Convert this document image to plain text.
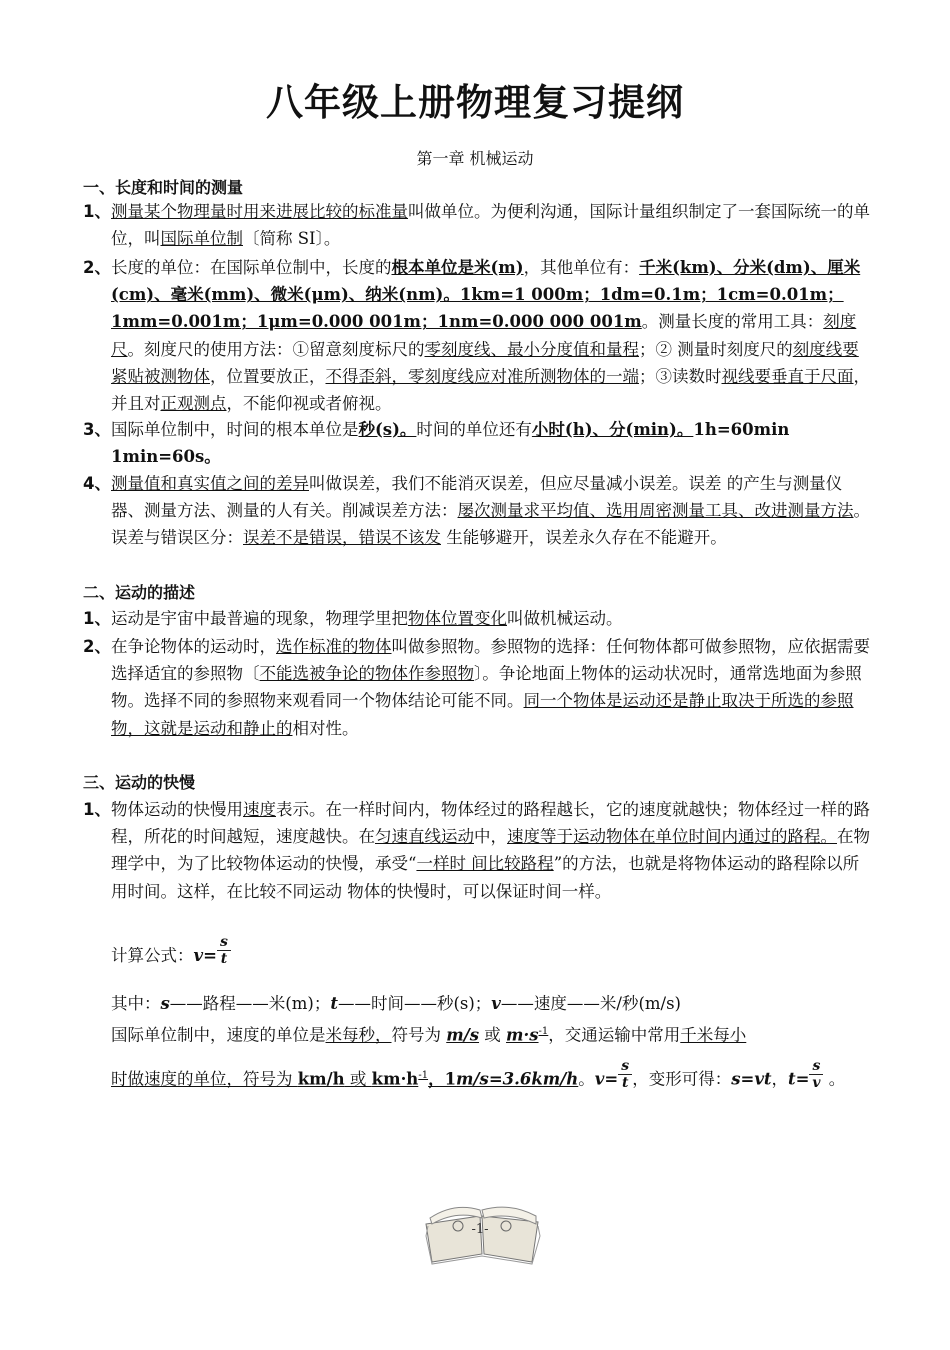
八年级上册物理复习提纲
第一章 机械运动
一、长度和时间的测量
1、 测量某个物理量时用来进展比较的标准量叫做单位。为便利沟通，国际计量组织制定了一套国际统一的单位，叫国际单位制〔简称 SI〕。
2、 长度的单位：在国际单位制中，长度的根本单位是米(m)，其他单位有：千米(km)、分米(dm)、厘米(cm)、毫米(mm)、微米(μm)、纳米(nm)。1km=1 000m；1dm=0.1m；1cm=0.01m；1mm=0.001m；1μm=0.000 001m；1nm=0.000 000 001m。测量长度的常用工具：刻度尺。刻度尺的使用方法：①留意刻度标尺的零刻度线、最小分度值和量程；② 测量时刻度尺的刻度线要紧贴被测物体，位置要放正，不得歪斜，零刻度线应对准所测物体的一端；③读数时视线要垂直于尺面，并且对正观测点，不能仰视或者俯视。
3、 国际单位制中，时间的根本单位是秒(s)。时间的单位还有小时(h)、分(min)。1h=60min 1min=60s。
4、 测量值和真实值之间的差异叫做误差，我们不能消灭误差，但应尽量减小误差。误差 的产生与测量仪器、测量方法、测量的人有关。削减误差方法：屡次测量求平均值、选用周密测量工具、改进测量方法。误差与错误区分：误差不是错误，错误不该发 生能够避开，误差永久存在不能避开。
二、运动的描述
1、 运动是宇宙中最普遍的现象，物理学里把物体位置变化叫做机械运动。
2、 在争论物体的运动时，选作标准的物体叫做参照物。参照物的选择：任何物体都可做参照物，应依据需要选择适宜的参照物〔不能选被争论的物体作参照物〕。争论地面上物体的运动状况时，通常选地面为参照物。选择不同的参照物来观看同一个物体结论可能不同。同一个物体是运动还是静止取决于所选的参照物，这就是运动和静止的相对性。
三、运动的快慢
1、 物体运动的快慢用速度表示。在一样时间内，物体经过的路程越长，它的速度就越快；物体经过一样的路程，所花的时间越短，速度越快。在匀速直线运动中，速度等于运动物体在单位时间内通过的路程。在物理学中，为了比较物体运动的快慢，承受“一样时 间比较路程”的方法，也就是将物体运动的路程除以所用时间。这样，在比较不同运动 物体的快慢时，可以保证时间一样。
计算公式：$v= \frac{s}{t}$
其中：s——路程——米(m)；t——时间——秒(s)；v——速度——米/秒(m/s)
国际单位制中，速度的单位是米每秒，符号为 m/s 或 $m\cdot s^{-1}$，交通运输中常用千米每小
时做速度的单位，符号为 km/h 或 $km\cdot h^{-1}$，1m/s=3.6km/h。$v= \frac{s}{t}$ ，变形可得：s=vt，$t= \frac{s}{v}$ 。
-1-
